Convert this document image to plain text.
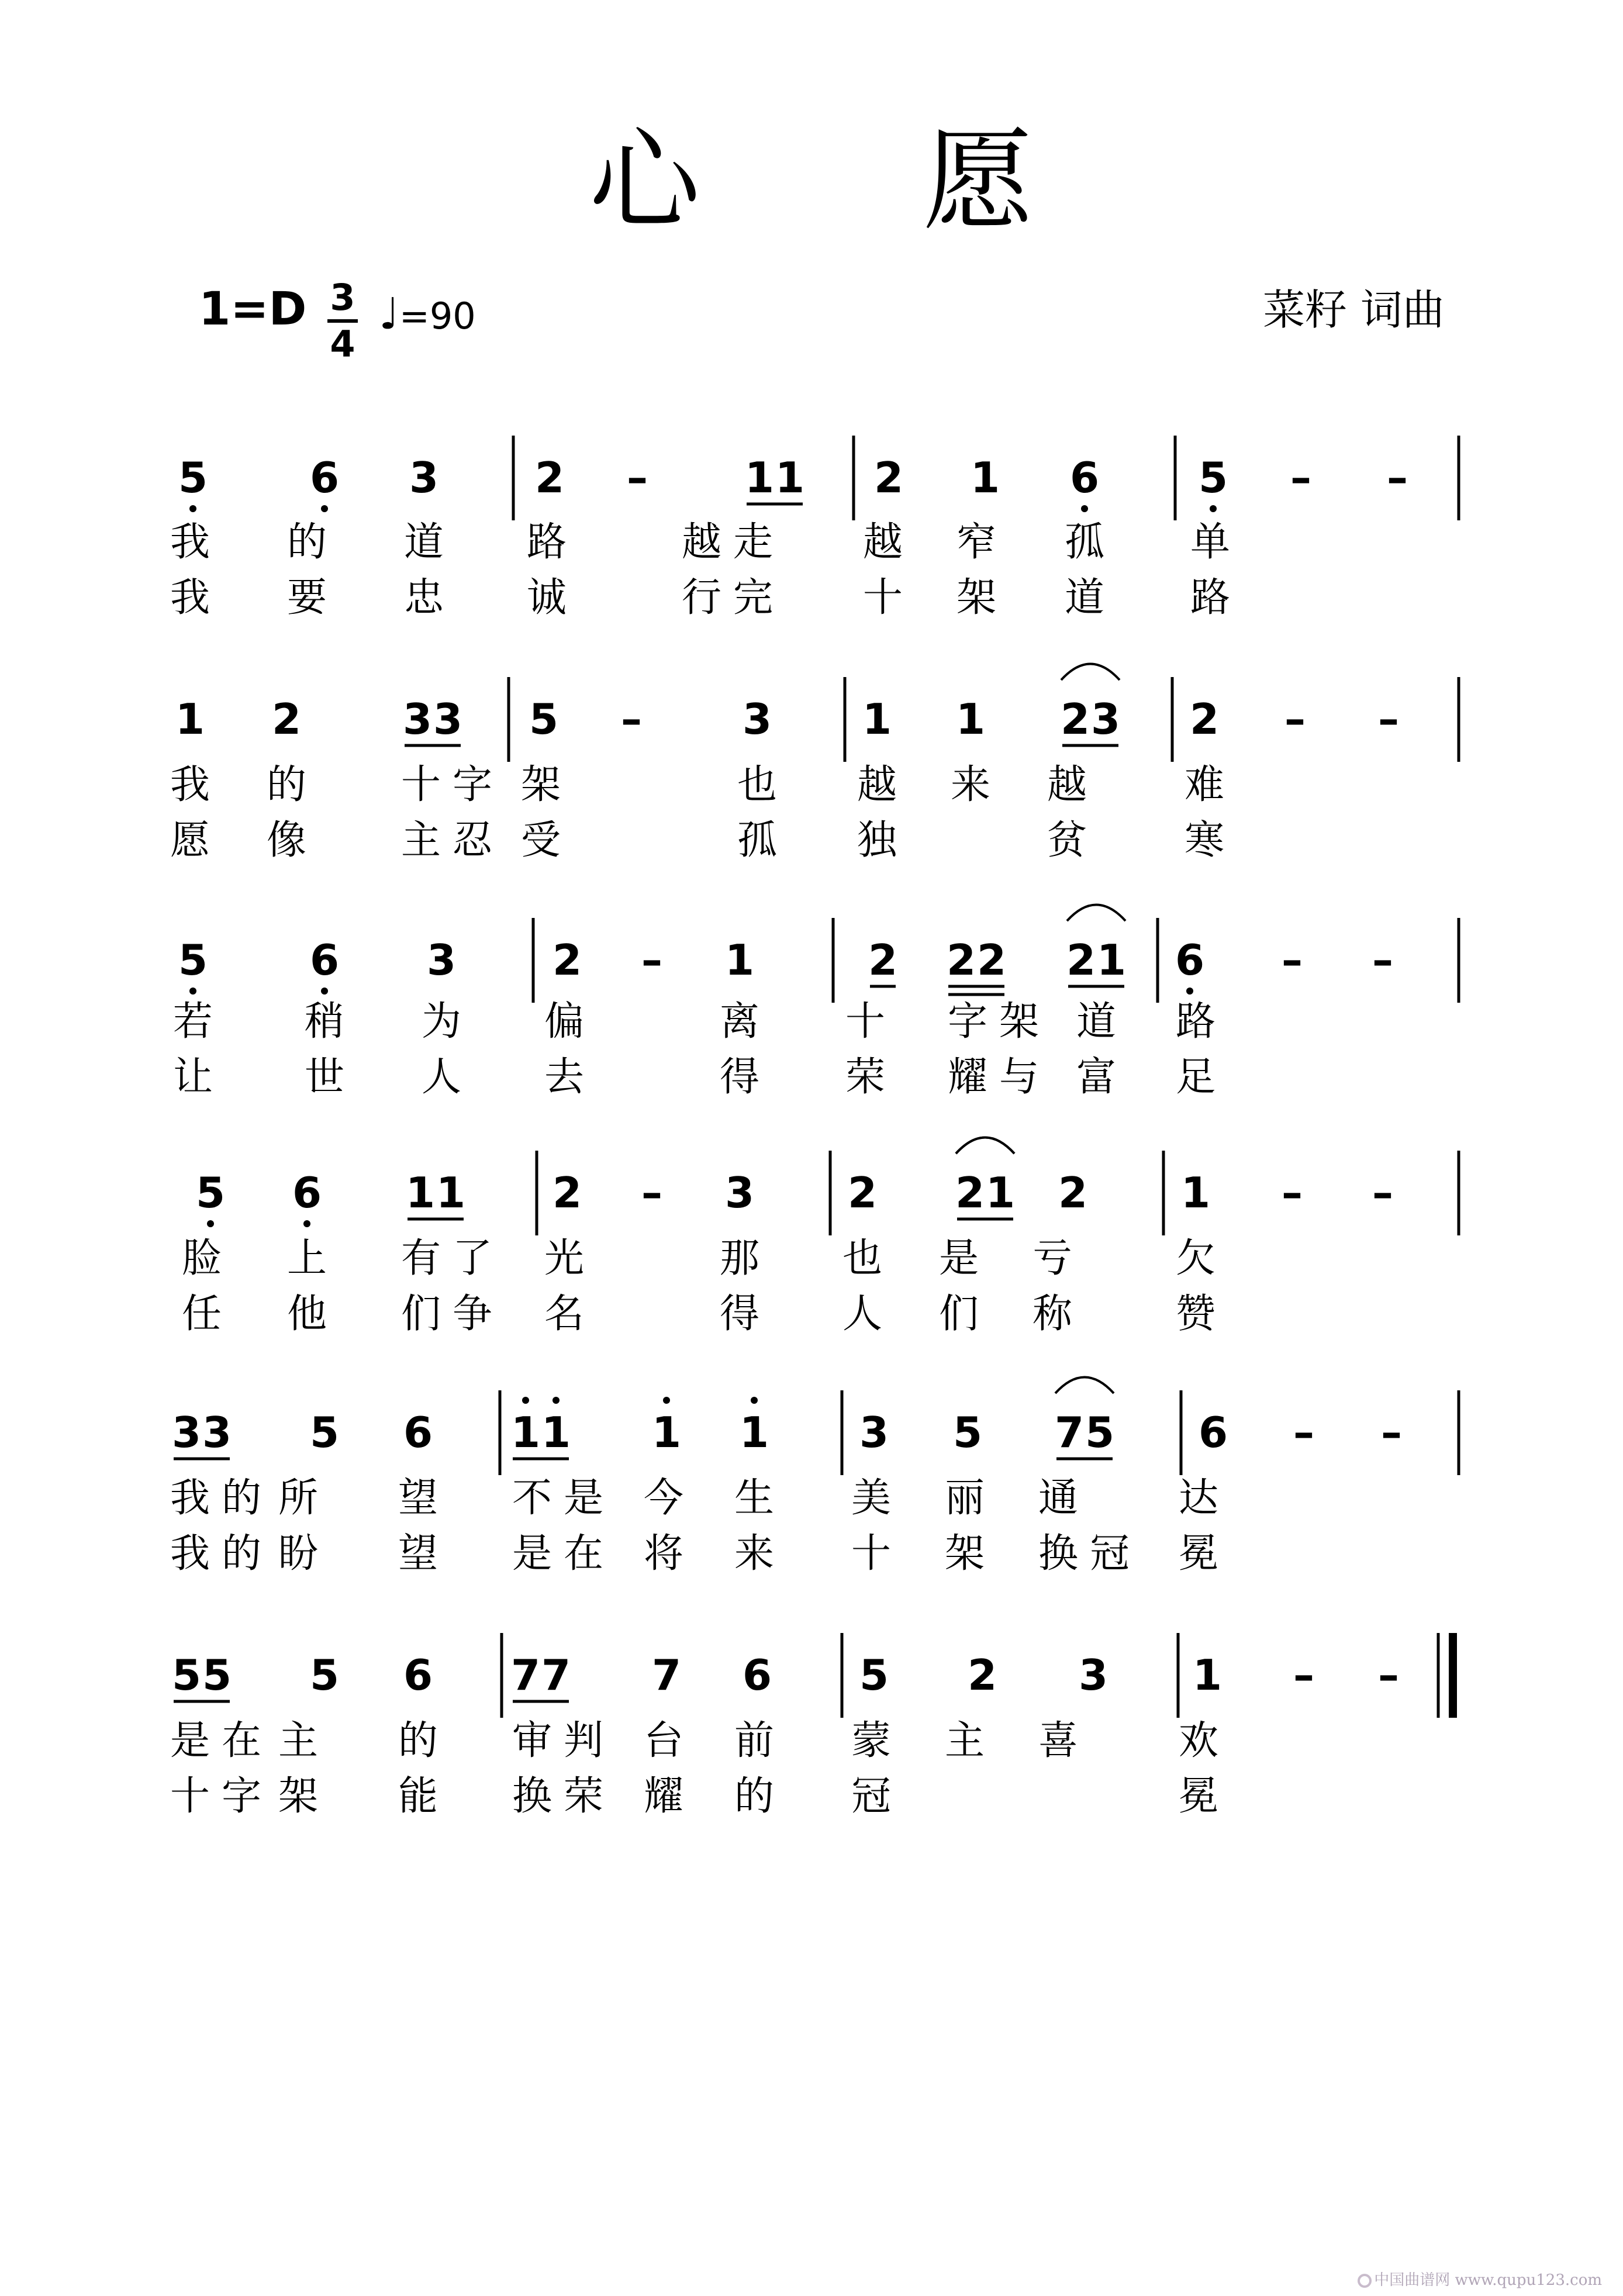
心 愿
1=D 3
4
♩=90	菜籽 词曲
5 6 3 2 – 1 1 2 1 6 5 – –
我 的 道 路	越 走 越 窄 孤 单
我 要 忠 诚	行 完 十 架 道 路
1 2 3 3 5 – 3 1 1 2 3 2 – –
我 的 十 字 架	也 越 来 越 难
愿 像 主 忍 受	孤 独	贫 寒
5 6 3 2 – 1	2 2 2 2 1 6 – –
若 稍 为 偏	离 十 字 架 道 路
让 世 人 去	得 荣 耀 与 富 足
5 6 1 1 2 – 3 2 2 1 2 1 – –
脸 上 有 了 光	那 也 是 亏	欠
任 他 们 争 名	得 人 们 称	赞
3 3 5 6 1 1 1 1 3 5 7 5 6 – –
我 的 所 望 不 是 今 生 美 丽 通	达
我 的 盼 望 是 在 将 来 十 架 换 冠 冕
5 5 5 6 7 7 7 6 5 2 3 1 – –
是 在 主 的 审 判 台 前 蒙 主 喜	欢
十 字 架 能 换 荣 耀 的 冠	冕
中国曲谱网 www.qupu123.com
